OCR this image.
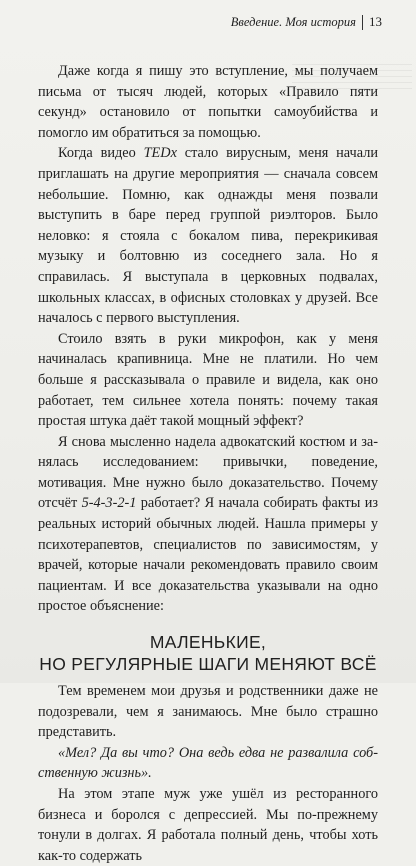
Введение. Моя история 13

Даже когда я пишу это вступление, мы получаем письма от тысяч людей, которых «Правило пяти секунд» остановило от попытки самоубийства и помогло им обратиться за помощью.

Когда видео TEDx стало вирусным, меня начали приглашать на другие мероприятия — сначала совсем небольшие. Помню, как однажды меня позвали выступить в баре перед группой риэлторов. Было неловко: я стояла с бокалом пива, перекрикивая музыку и болтовню из соседнего зала. Но я справилась. Я выступала в церковных подвалах, школьных классах, в офисных столовках у друзей. Все началось с первого выступления.

Стоило взять в руки микрофон, как у меня начиналась крапивница. Мне не платили. Но чем больше я рассказывала о правиле и видела, как оно работает, тем сильнее хотела понять: почему такая простая штука даёт такой мощный эффект?

Я снова мысленно надела адвокатский костюм и занялась исследованием: привычки, поведение, мотивация. Мне нужно было доказательство. Почему отсчёт 5-4-3-2-1 работает? Я начала собирать факты из реальных историй обычных людей. Нашла примеры у психотерапевтов, специалистов по зависимостям, у врачей, которые начали рекомендовать правило своим пациентам. И все доказательства указывали на одно простое объяснение:

МАЛЕНЬКИЕ,
НО РЕГУЛЯРНЫЕ ШАГИ МЕНЯЮТ ВСЁ

Тем временем мои друзья и родственники даже не подозревали, чем я занимаюсь. Мне было страшно представить.

«Мел? Да вы что? Она ведь едва не развалила собственную жизнь».

На этом этапе муж уже ушёл из ресторанного бизнеса и боролся с депрессией. Мы по-прежнему тонули в долгах. Я работала полный день, чтобы хоть как-то содержать
